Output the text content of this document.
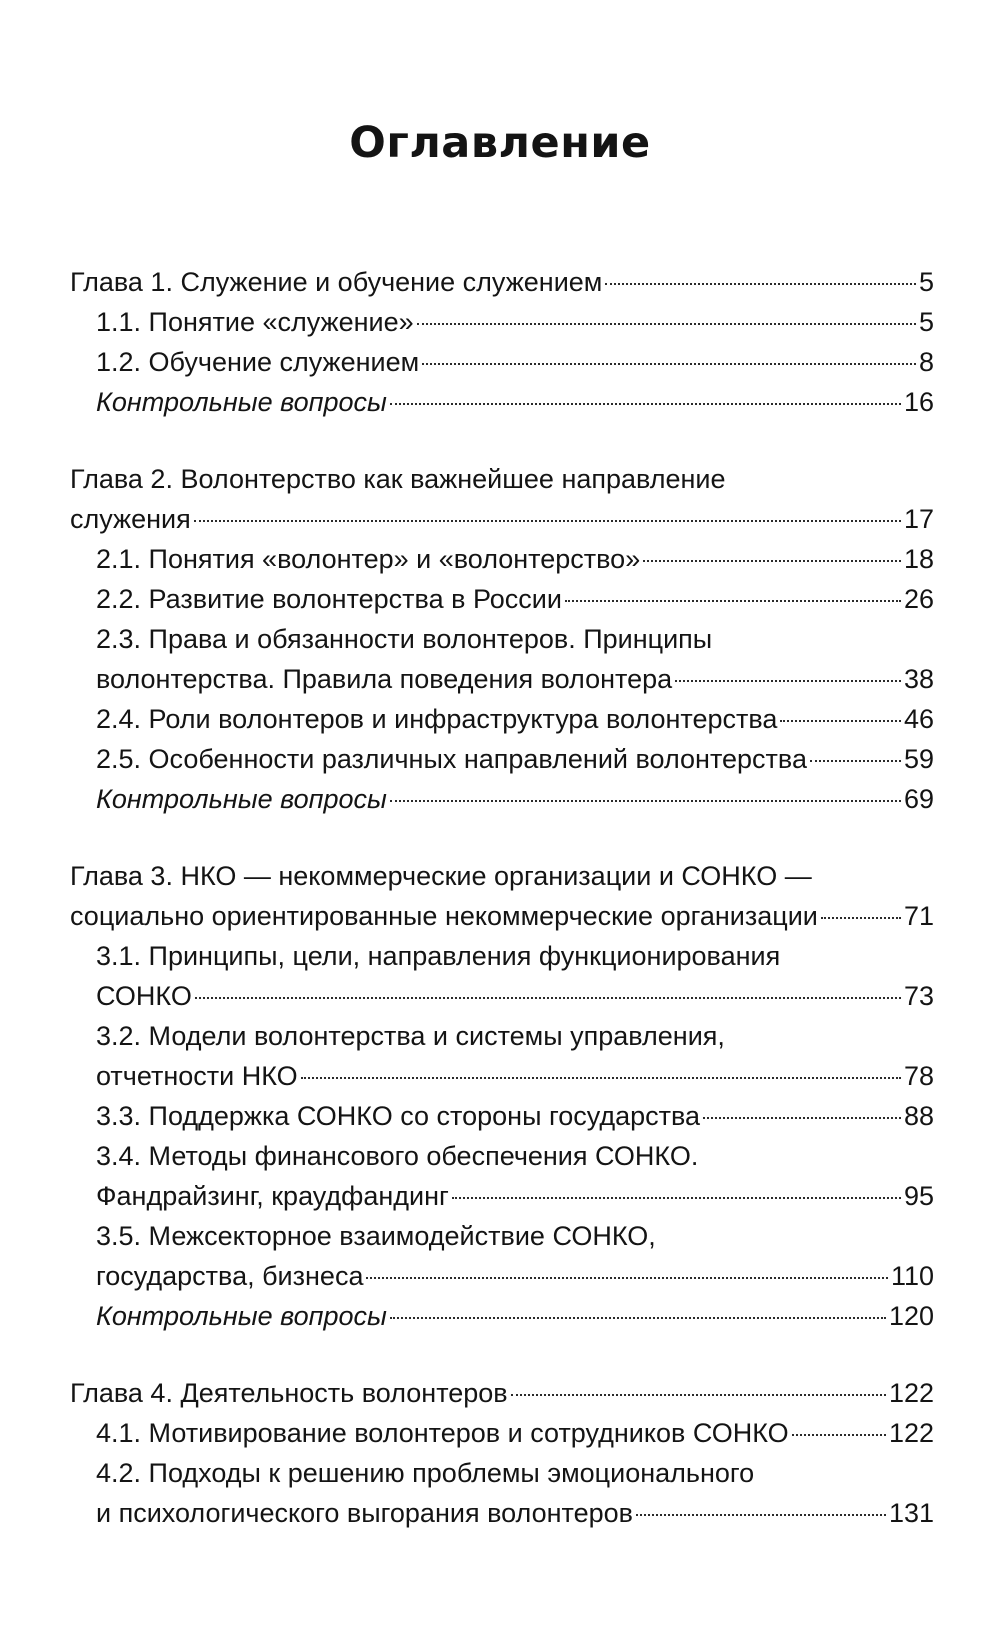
Оглавление
Глава 1. Служение и обучение служением	5
1.1. Понятие «служение»	5
1.2. Обучение служением	8
Контрольные вопросы	16
Глава 2. Волонтерство как важнейшее направление
служения	17
2.1. Понятия «волонтер» и «волонтерство»	18
2.2. Развитие волонтерства в России	26
2.3. Права и обязанности волонтеров. Принципы
волонтерства. Правила поведения волонтера	38
2.4. Роли волонтеров и инфраструктура волонтерства	46
2.5. Особенности различных направлений волонтерства	59
Контрольные вопросы	69
Глава 3. НКО — некоммерческие организации и СОНКО —
социально ориентированные некоммерческие организации	71
3.1. Принципы, цели, направления функционирования
СОНКО	73
3.2. Модели волонтерства и системы управления,
отчетности НКО	78
3.3. Поддержка СОНКО со стороны государства	88
3.4. Методы финансового обеспечения СОНКО.
Фандрайзинг, краудфандинг	95
3.5. Межсекторное взаимодействие СОНКО,
государства, бизнеса	110
Контрольные вопросы	120
Глава 4. Деятельность волонтеров	122
4.1. Мотивирование волонтеров и сотрудников СОНКО	122
4.2. Подходы к решению проблемы эмоционального
и психологического выгорания волонтеров	131
